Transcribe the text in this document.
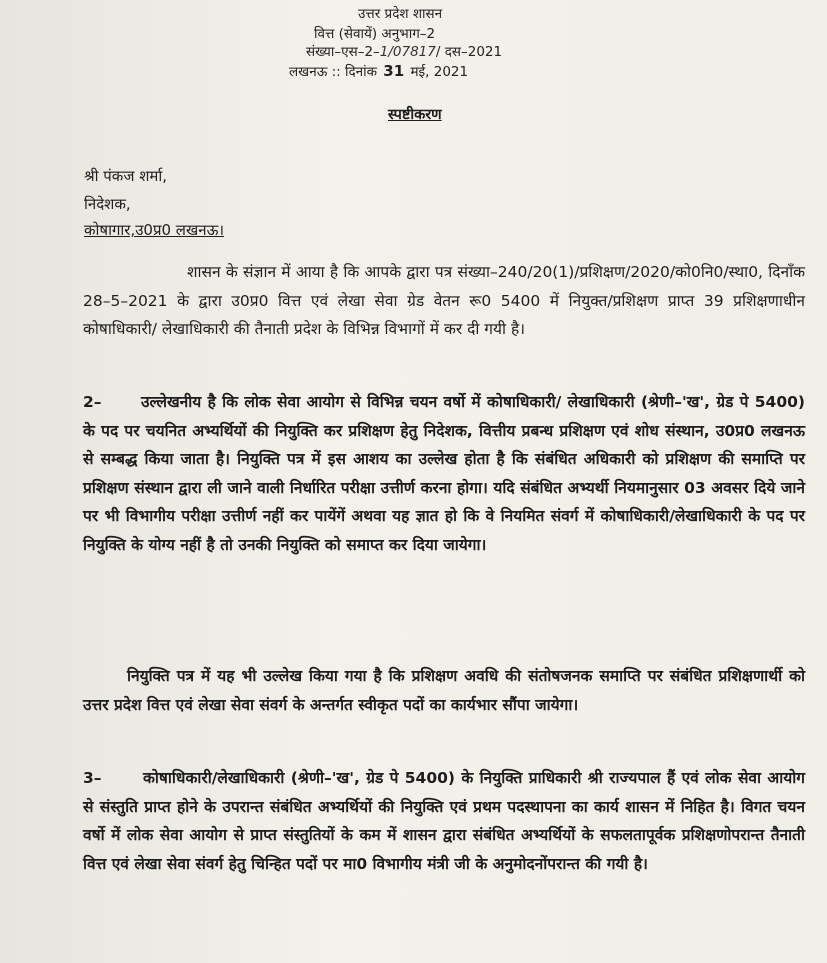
उत्तर प्रदेश शासन
वित्त (सेवायें) अनुभाग–2
संख्या–एस–2–1/07817/ दस–2021
लखनऊ :: दिनांक 31 मई, 2021
स्पष्टीकरण
श्री पंकज शर्मा,
निदेशक,
कोषागार,उ0प्र0 लखनऊ।
शासन के संज्ञान में आया है कि आपके द्वारा पत्र संख्या–240/20(1)/प्रशिक्षण/2020/को0नि0/स्था0, दिनाँक 28–5–2021 के द्वारा उ0प्र0 वित्त एवं लेखा सेवा ग्रेड वेतन रू0 5400 में नियुक्त/प्रशिक्षण प्राप्त 39 प्रशिक्षणाधीन कोषाधिकारी/ लेखाधिकारी की तैनाती प्रदेश के विभिन्न विभागों में कर दी गयी है।
2–	उल्लेखनीय है कि लोक सेवा आयोग से विभिन्न चयन वर्षो में कोषाधिकारी/ लेखाधिकारी (श्रेणी–'ख', ग्रेड पे 5400) के पद पर चयनित अभ्यर्थियों की नियुक्ति कर प्रशिक्षण हेतु निदेशक, वित्तीय प्रबन्ध प्रशिक्षण एवं शोध संस्थान, उ0प्र0 लखनऊ से सम्बद्ध किया जाता है। नियुक्ति पत्र में इस आशय का उल्लेख होता है कि संबंधित अधिकारी को प्रशिक्षण की समाप्ति पर प्रशिक्षण संस्थान द्वारा ली जाने वाली निर्धारित परीक्षा उत्तीर्ण करना होगा। यदि संबंधित अभ्यर्थी नियमानुसार 03 अवसर दिये जाने पर भी विभागीय परीक्षा उत्तीर्ण नहीं कर पायेंगें अथवा यह ज्ञात हो कि वे नियमित संवर्ग में कोषाधिकारी/लेखाधिकारी के पद पर नियुक्ति के योग्य नहीं है तो उनकी नियुक्ति को समाप्त कर दिया जायेगा।
नियुक्ति पत्र में यह भी उल्लेख किया गया है कि प्रशिक्षण अवधि की संतोषजनक समाप्ति पर संबंधित प्रशिक्षणार्थी को उत्तर प्रदेश वित्त एवं लेखा सेवा संवर्ग के अन्तर्गत स्वीकृत पदों का कार्यभार सौंपा जायेगा।
3–	कोषाधिकारी/लेखाधिकारी (श्रेणी–'ख', ग्रेड पे 5400) के नियुक्ति प्राधिकारी श्री राज्यपाल हैं एवं लोक सेवा आयोग से संस्तुति प्राप्त होने के उपरान्त संबंधित अभ्यर्थियों की नियुक्ति एवं प्रथम पदस्थापना का कार्य शासन में निहित है। विगत चयन वर्षो में लोक सेवा आयोग से प्राप्त संस्तुतियों के कम में शासन द्वारा संबंधित अभ्यर्थियों के सफलतापूर्वक प्रशिक्षणोपरान्त तैनाती वित्त एवं लेखा सेवा संवर्ग हेतु चिन्हित पदों पर मा0 विभागीय मंत्री जी के अनुमोदनोंपरान्त की गयी है।
